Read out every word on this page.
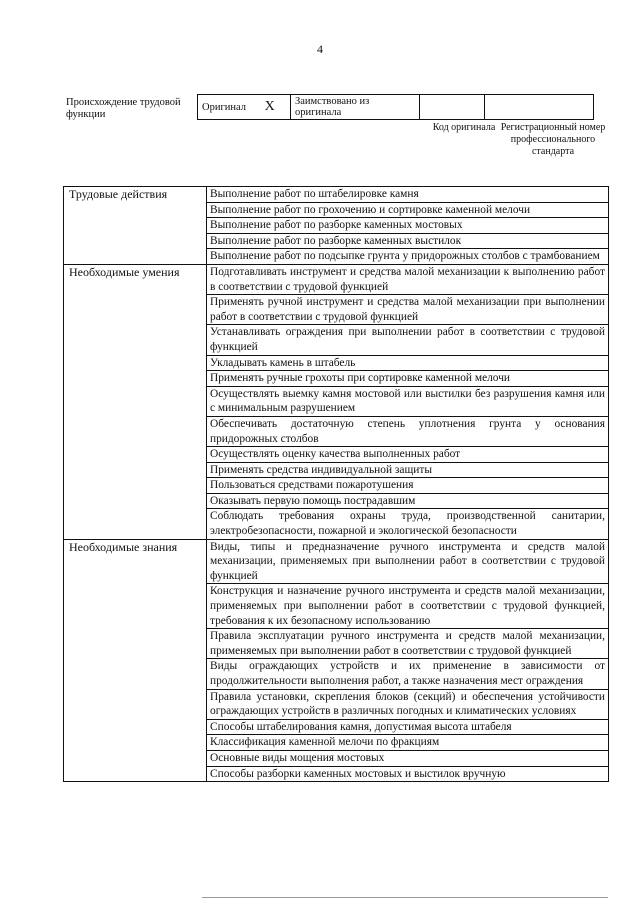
4
Происхождение трудовой функции
Оригинал X	Заимствовано из оригинала		
Код оригинала Регистрационный номер профессионального стандарта
Трудовые действия	Выполнение работ по штабелировке камня
	Выполнение работ по грохочению и сортировке каменной мелочи
	Выполнение работ по разборке каменных мостовых
	Выполнение работ по разборке каменных выстилок
	Выполнение работ по подсыпке грунта у придорожных столбов с трамбованием
Необходимые умения	Подготавливать инструмент и средства малой механизации к выполнению работ в соответствии с трудовой функцией
	Применять ручной инструмент и средства малой механизации при выполнении работ в соответствии с трудовой функцией
	Устанавливать ограждения при выполнении работ в соответствии с трудовой функцией
	Укладывать камень в штабель
	Применять ручные грохоты при сортировке каменной мелочи
	Осуществлять выемку камня мостовой или выстилки без разрушения камня или с минимальным разрушением
	Обеспечивать достаточную степень уплотнения грунта у основания придорожных столбов
	Осуществлять оценку качества выполненных работ
	Применять средства индивидуальной защиты
	Пользоваться средствами пожаротушения
	Оказывать первую помощь пострадавшим
	Соблюдать требования охраны труда, производственной санитарии, электробезопасности, пожарной и экологической безопасности
Необходимые знания	Виды, типы и предназначение ручного инструмента и средств малой механизации, применяемых при выполнении работ в соответствии с трудовой функцией
	Конструкция и назначение ручного инструмента и средств малой механизации, применяемых при выполнении работ в соответствии с трудовой функцией, требования к их безопасному использованию
	Правила эксплуатации ручного инструмента и средств малой механизации, применяемых при выполнении работ в соответствии с трудовой функцией
	Виды ограждающих устройств и их применение в зависимости от продолжительности выполнения работ, а также назначения мест ограждения
	Правила установки, скрепления блоков (секций) и обеспечения устойчивости ограждающих устройств в различных погодных и климатических условиях
	Способы штабелирования камня, допустимая высота штабеля
	Классификация каменной мелочи по фракциям
	Основные виды мощения мостовых
	Способы разборки каменных мостовых и выстилок вручную
